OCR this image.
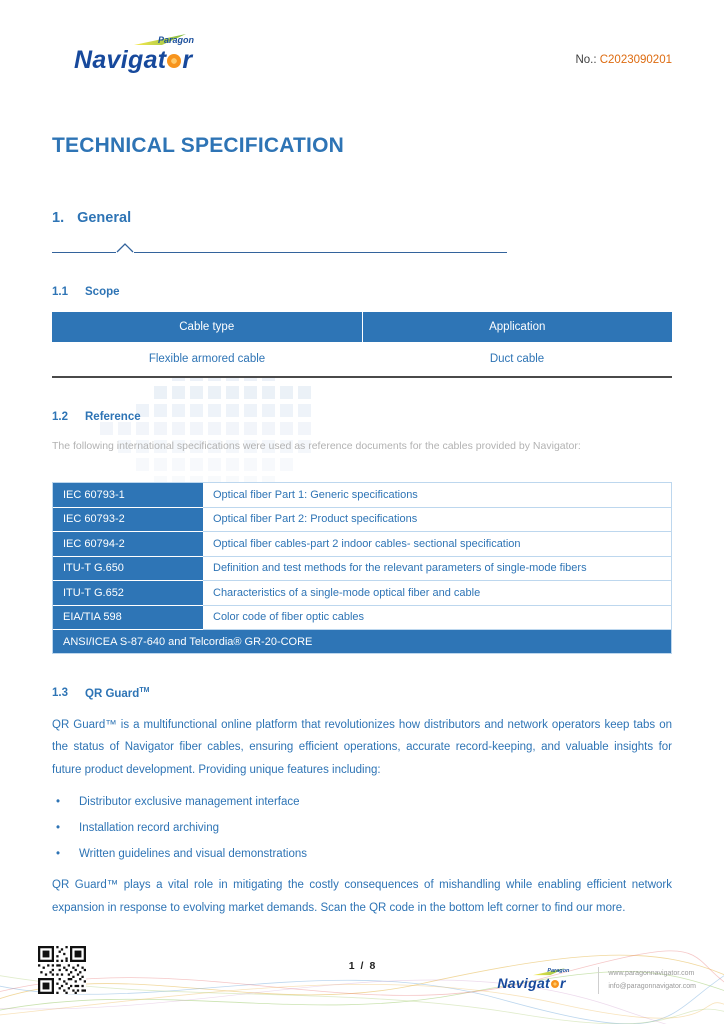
Paragon
Navigat r	No.: C2023090201
TECHNICAL SPECIFICATION
1. General
1.1	Scope
Cable type	Application
Flexible armored cable	Duct cable
1.2	Reference
The following international specifications were used as reference documents for the cables provided by Navigator:
IEC 60793-1	Optical fiber Part 1: Generic specifications
IEC 60793-2	Optical fiber Part 2: Product specifications
IEC 60794-2	Optical fiber cables-part 2 indoor cables- sectional specification
ITU-T G.650	Definition and test methods for the relevant parameters of single-mode fibers
ITU-T G.652	Characteristics of a single-mode optical fiber and cable
EIA/TIA 598	Color code of fiber optic cables
ANSI/ICEA S-87-640 and Telcordia® GR-20-CORE
1.3	QR Guard™

QR Guard™ is a multifunctional online platform that revolutionizes how distributors and network operators keep tabs on the status of Navigator fiber cables, ensuring efficient operations, accurate record-keeping, and valuable insights for future product development. Providing unique features including:

• Distributor exclusive management interface
• Installation record archiving
• Written guidelines and visual demonstrations

QR Guard™ plays a vital role in mitigating the costly consequences of mishandling while enabling efficient network expansion in response to evolving market demands. Scan the QR code in the bottom left corner to find our more.

1 / 8	Paragon
Navigat r
www.paragonnavigator.com
info@paragonnavigator.com
